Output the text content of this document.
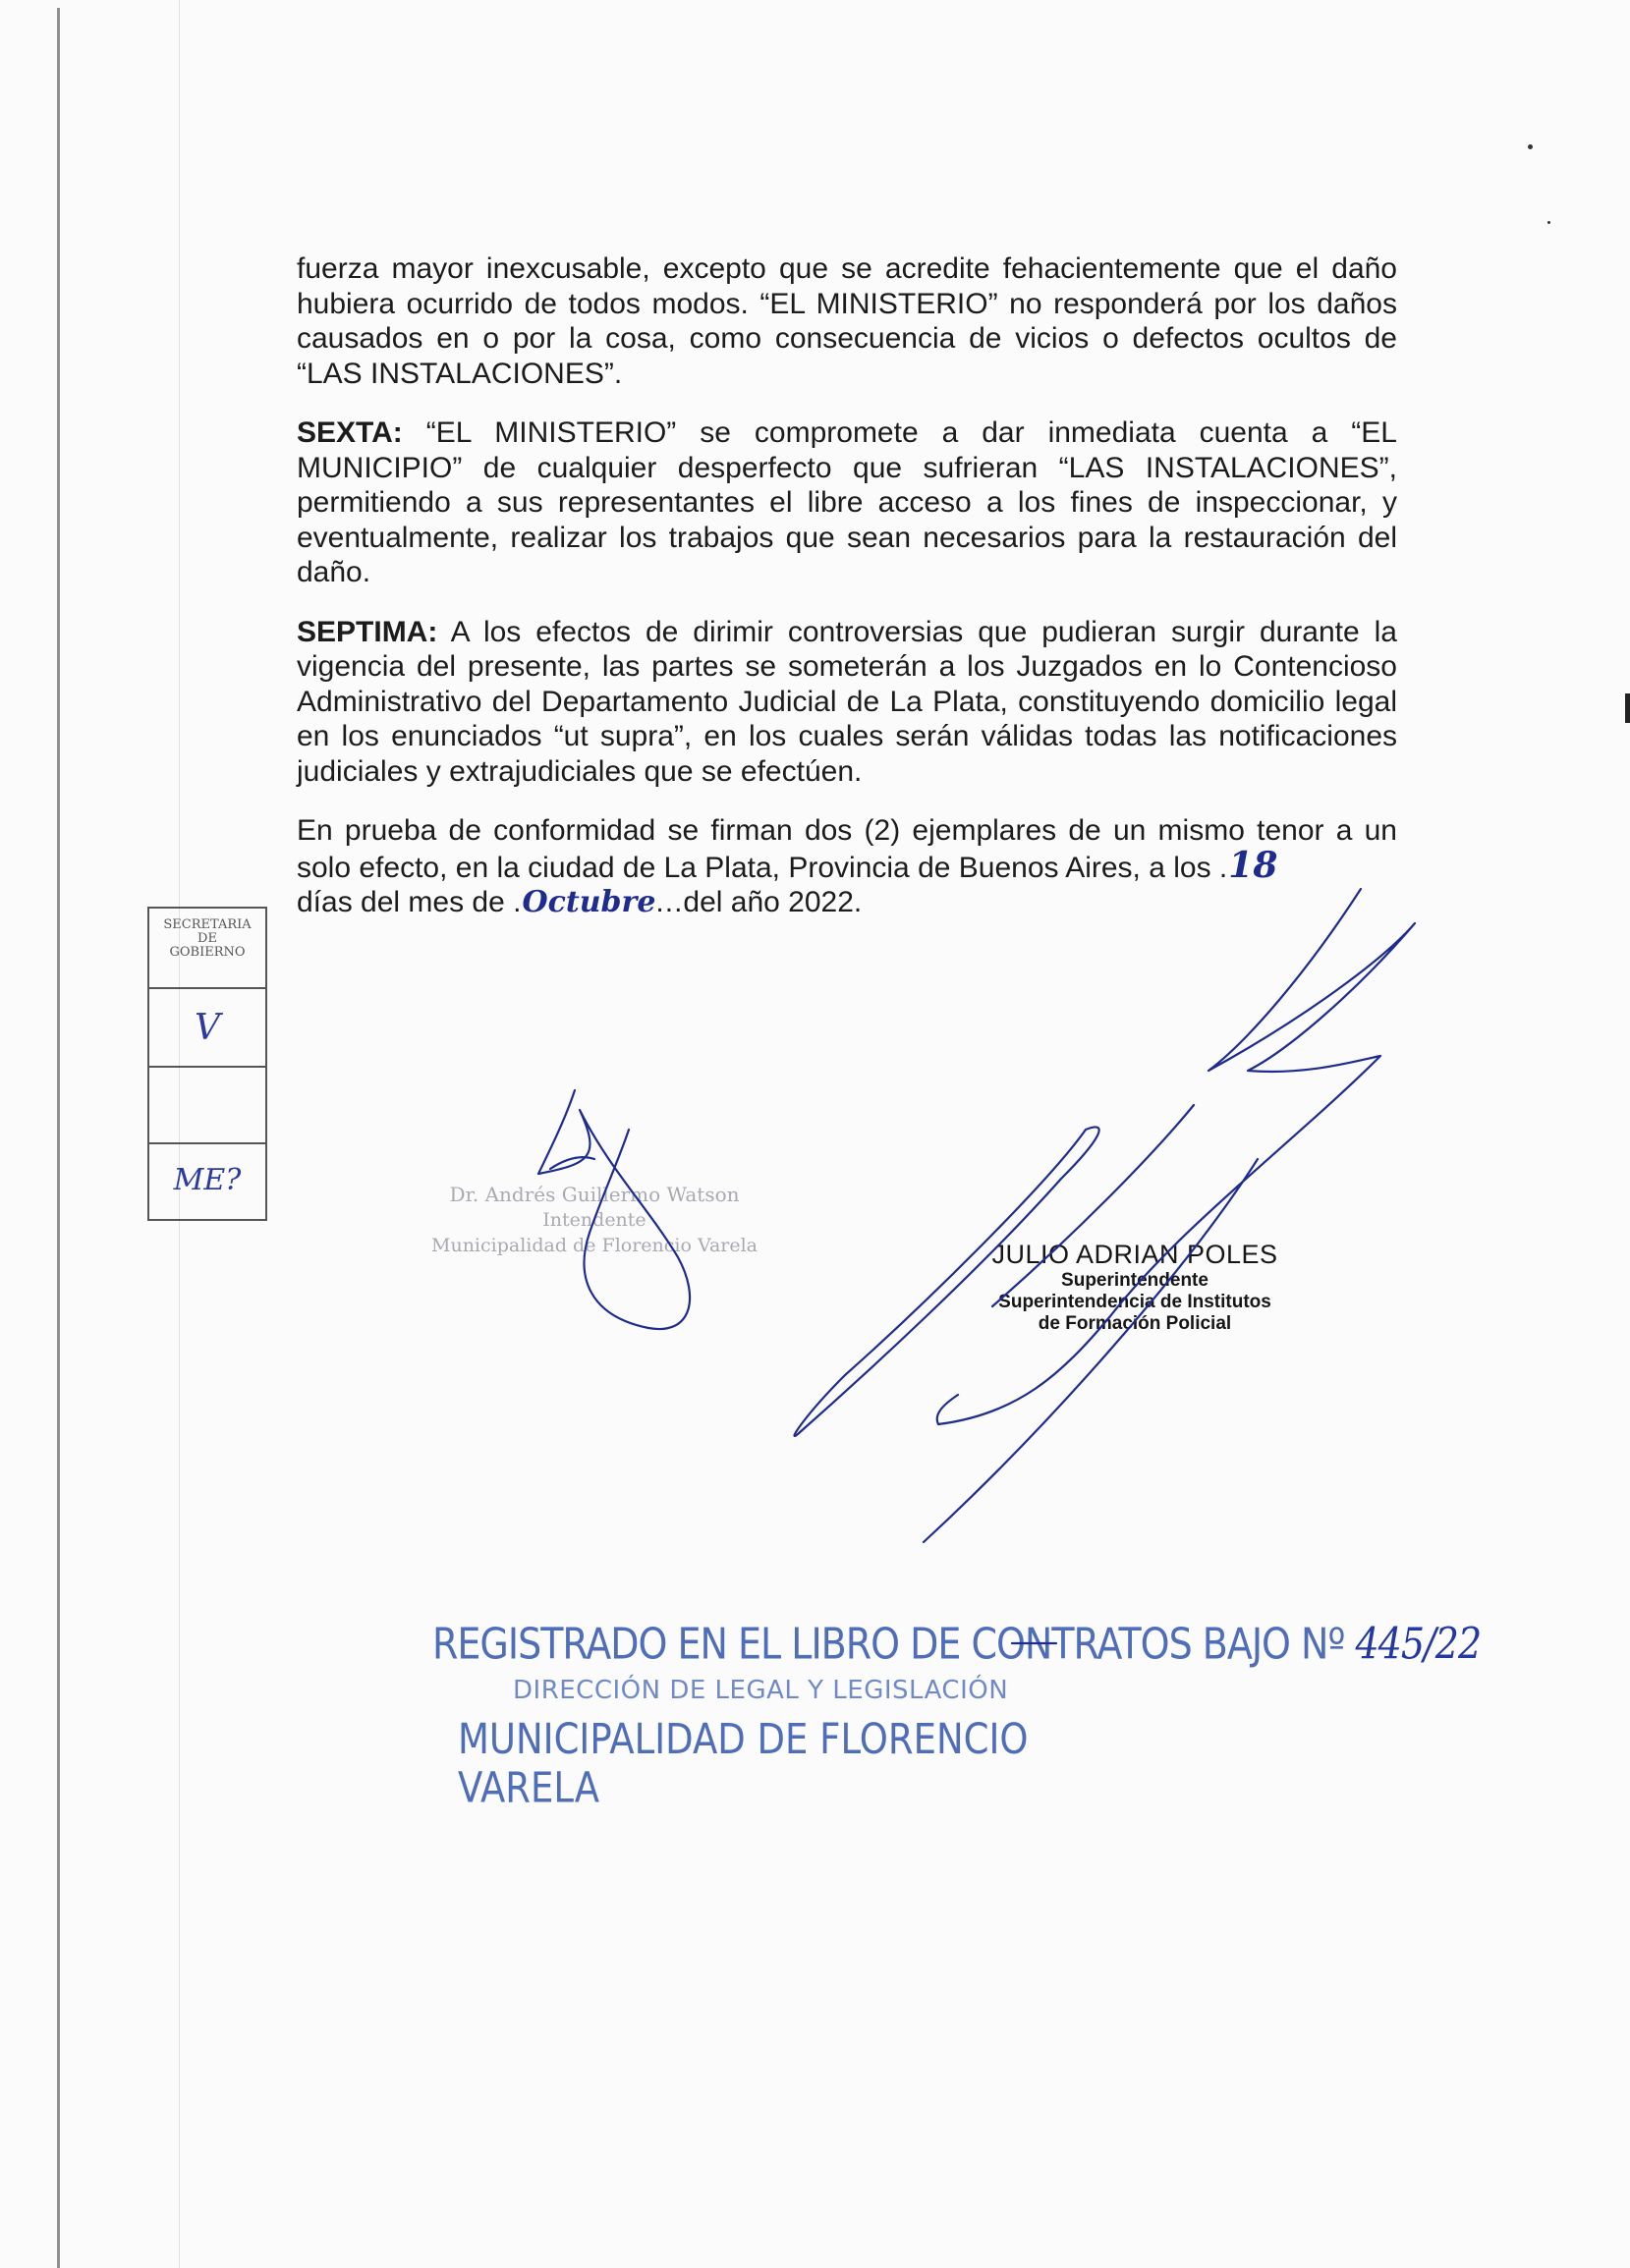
fuerza mayor inexcusable, excepto que se acredite fehacientemente que el daño hubiera ocurrido de todos modos. “EL MINISTERIO” no responderá por los daños causados en o por la cosa, como consecuencia de vicios o defectos ocultos de “LAS INSTALACIONES”.

SEXTA: “EL MINISTERIO” se compromete a dar inmediata cuenta a “EL MUNICIPIO” de cualquier desperfecto que sufrieran “LAS INSTALACIONES”, permitiendo a sus representantes el libre acceso a los fines de inspeccionar, y eventualmente, realizar los trabajos que sean necesarios para la restauración del daño.

SEPTIMA: A los efectos de dirimir controversias que pudieran surgir durante la vigencia del presente, las partes se someterán a los Juzgados en lo Contencioso Administrativo del Departamento Judicial de La Plata, constituyendo domicilio legal en los enunciados “ut supra”, en los cuales serán válidas todas las notificaciones judiciales y extrajudiciales que se efectúen.

En prueba de conformidad se firman dos (2) ejemplares de un mismo tenor a un solo efecto, en la ciudad de La Plata, Provincia de Buenos Aires, a los .18
días del mes de .Octubre...del año 2022.

SECRETARIA
DE
GOBIERNO
V
ME?	Dr. Andrés Guillermo Watson
Intendente
Municipalidad de Florencio Varela	JULIO ADRIAN POLES
Superintendente
Superintendencia de Institutos
de Formación Policial
REGISTRADO EN EL LIBRO DE CONTRATOS BAJO Nº 445/22
DIRECCIÓN DE LEGAL Y LEGISLACIÓN
MUNICIPALIDAD DE FLORENCIO VARELA
